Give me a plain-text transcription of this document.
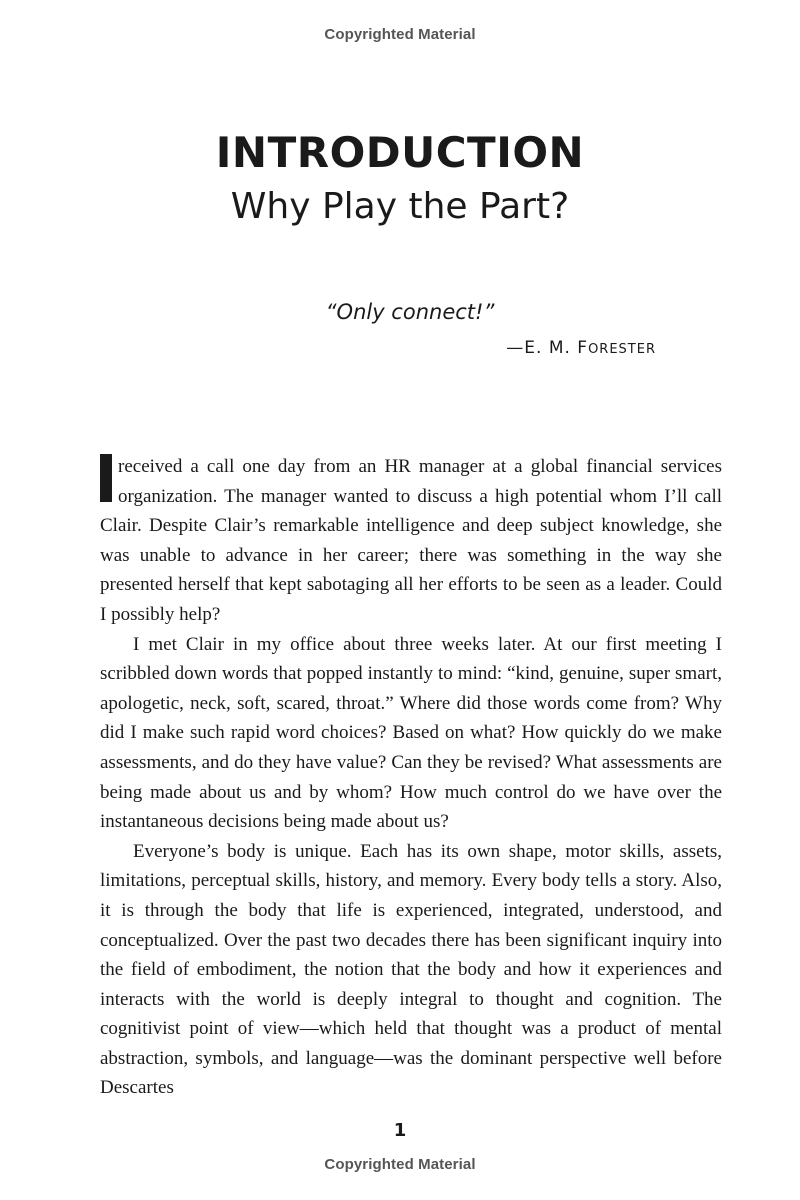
Copyrighted Material
INTRODUCTION
Why Play the Part?
“Only connect!”
—E. M. FORESTER

received a call one day from an HR manager at a global financial services organization. The manager wanted to discuss a high potential whom I’ll call Clair. Despite Clair’s remarkable intelligence and deep subject knowledge, she was unable to advance in her career; there was something in the way she presented herself that kept sabotaging all her efforts to be seen as a leader. Could I possibly help?

I met Clair in my office about three weeks later. At our first meeting I scribbled down words that popped instantly to mind: “kind, genuine, super smart, apologetic, neck, soft, scared, throat.” Where did those words come from? Why did I make such rapid word choices? Based on what? How quickly do we make assessments, and do they have value? Can they be revised? What assessments are being made about us and by whom? How much control do we have over the instantaneous decisions being made about us?

Everyone’s body is unique. Each has its own shape, motor skills, assets, limitations, perceptual skills, history, and memory. Every body tells a story. Also, it is through the body that life is experienced, integrated, understood, and conceptualized. Over the past two decades there has been significant inquiry into the field of embodiment, the notion that the body and how it experiences and interacts with the world is deeply integral to thought and cognition. The cognitivist point of view—which held that thought was a product of mental abstraction, symbols, and language—was the dominant perspective well before Descartes

1
Copyrighted Material
